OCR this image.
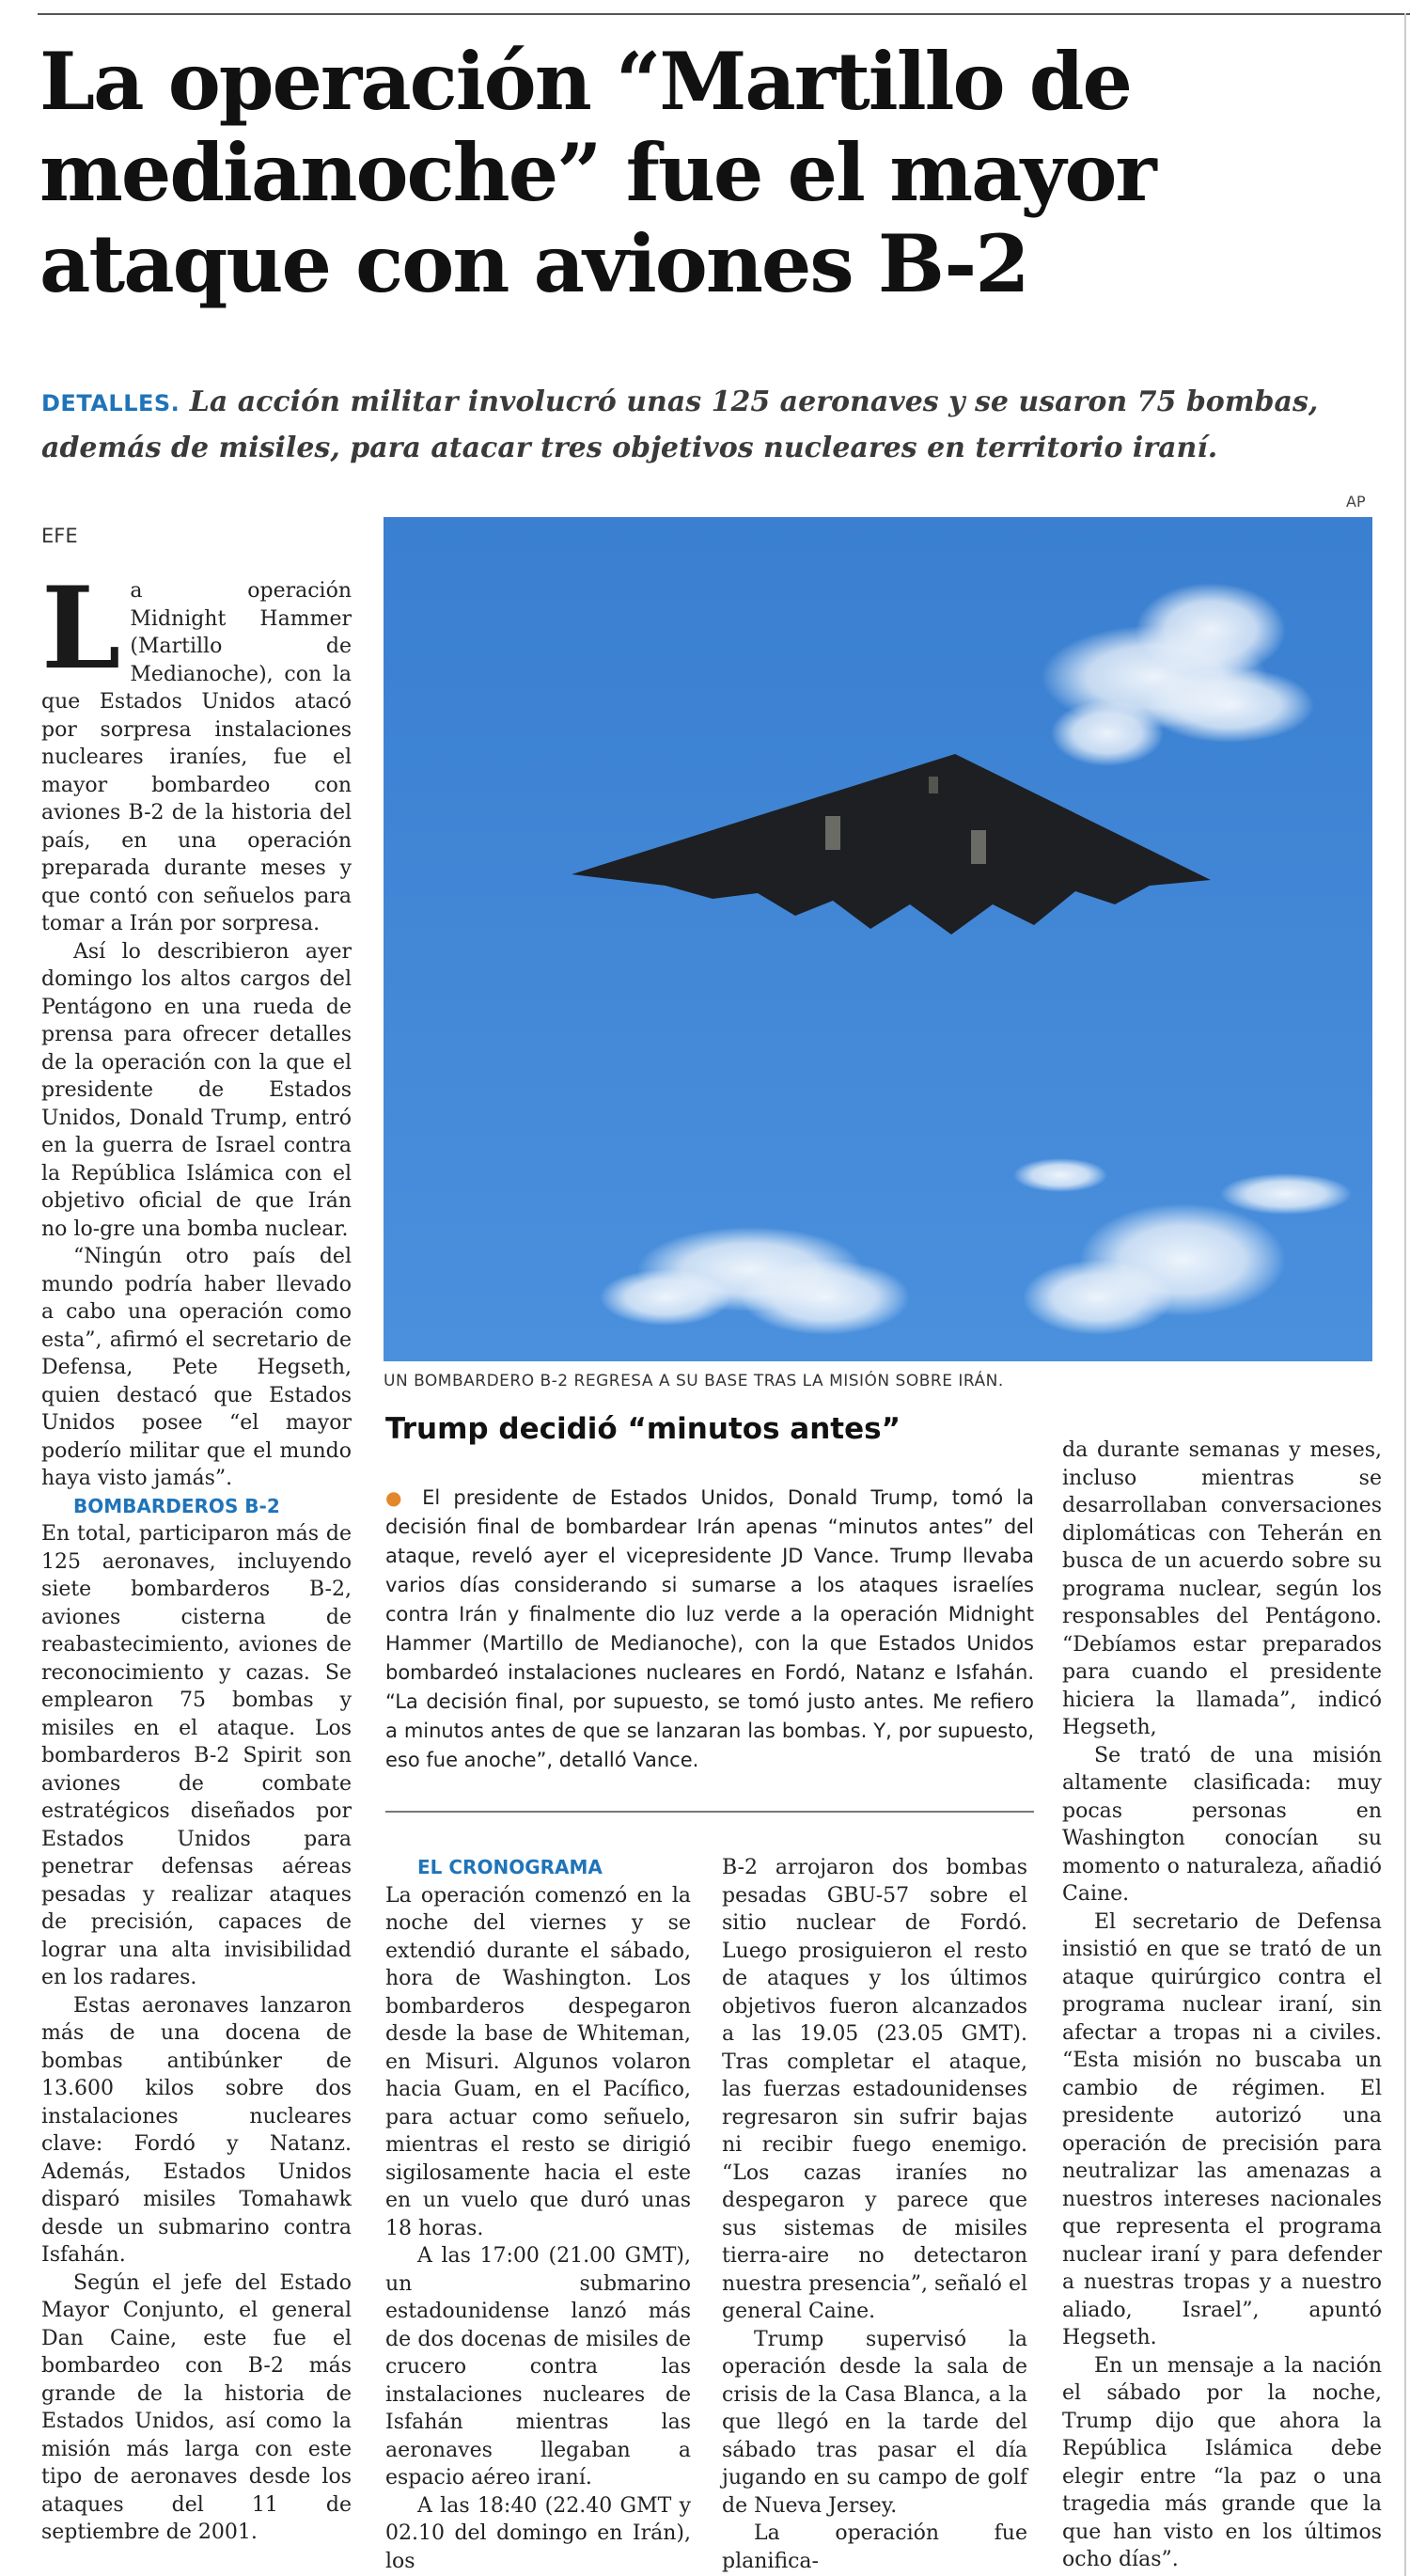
La operación “Martillo de medianoche” fue el mayor ataque con aviones B-2
DETALLES. La acción militar involucró unas 125 aeronaves y se usaron 75 bombas, además de misiles, para atacar tres objetivos nucleares en territorio iraní.
EFE
AP
UN BOMBARDERO B-2 REGRESA A SU BASE TRAS LA MISIÓN SOBRE IRÁN.

La operación Midnight Hammer (Martillo de Medianoche), con la que Estados Unidos atacó por sorpresa instalaciones nucleares iraníes, fue el mayor bombardeo con aviones B-2 de la historia del país, en una operación preparada durante meses y que contó con señuelos para tomar a Irán por sorpresa.

Así lo describieron ayer domingo los altos cargos del Pentágono en una rueda de prensa para ofrecer detalles de la operación con la que el presidente de Estados Unidos, Donald Trump, entró en la guerra de Israel contra la República Islámica con el objetivo oficial de que Irán no lo-gre una bomba nuclear.

“Ningún otro país del mundo podría haber llevado a cabo una operación como esta”, afirmó el secretario de Defensa, Pete Hegseth, quien destacó que Estados Unidos posee “el mayor poderío militar que el mundo haya visto jamás”.

BOMBARDEROS B-2

En total, participaron más de 125 aeronaves, incluyendo siete bombarderos B-2, aviones cisterna de reabastecimiento, aviones de reconocimiento y cazas. Se emplearon 75 bombas y misiles en el ataque. Los bombarderos B-2 Spirit son aviones de combate estratégicos diseñados por Estados Unidos para penetrar defensas aéreas pesadas y realizar ataques de precisión, capaces de lograr una alta invisibilidad en los radares.

Estas aeronaves lanzaron más de una docena de bombas antibúnker de 13.600 kilos sobre dos instalaciones nucleares clave: Fordó y Natanz. Además, Estados Unidos disparó misiles Tomahawk desde un submarino contra Isfahán.

Según el jefe del Estado Mayor Conjunto, el general Dan Caine, este fue el bombardeo con B-2 más grande de la historia de Estados Unidos, así como la misión más larga con este tipo de aeronaves desde los ataques del 11 de septiembre de 2001.

Trump decidió “minutos antes”
● El presidente de Estados Unidos, Donald Trump, tomó la decisión final de bombardear Irán apenas “minutos antes” del ataque, reveló ayer el vicepresidente JD Vance. Trump llevaba varios días considerando si sumarse a los ataques israelíes contra Irán y finalmente dio luz verde a la operación Midnight Hammer (Martillo de Medianoche), con la que Estados Unidos bombardeó instalaciones nucleares en Fordó, Natanz e Isfahán. “La decisión final, por supuesto, se tomó justo antes. Me refiero a minutos antes de que se lanzaran las bombas. Y, por supuesto, eso fue anoche”, detalló Vance.

EL CRONOGRAMA

La operación comenzó en la noche del viernes y se extendió durante el sábado, hora de Washington. Los bombarderos despegaron desde la base de Whiteman, en Misuri. Algunos volaron hacia Guam, en el Pacífico, para actuar como señuelo, mientras el resto se dirigió sigilosamente hacia el este en un vuelo que duró unas 18 horas.

A las 17:00 (21.00 GMT), un submarino estadounidense lanzó más de dos docenas de misiles de crucero contra las instalaciones nucleares de Isfahán mientras las aeronaves llegaban a espacio aéreo iraní.

A las 18:40 (22.40 GMT y 02.10 del domingo en Irán), los

B-2 arrojaron dos bombas pesadas GBU-57 sobre el sitio nuclear de Fordó. Luego prosiguieron el resto de ataques y los últimos objetivos fueron alcanzados a las 19.05 (23.05 GMT). Tras completar el ataque, las fuerzas estadounidenses regresaron sin sufrir bajas ni recibir fuego enemigo. “Los cazas iraníes no despegaron y parece que sus sistemas de misiles tierra-aire no detectaron nuestra presencia”, señaló el general Caine.

Trump supervisó la operación desde la sala de crisis de la Casa Blanca, a la que llegó en la tarde del sábado tras pasar el día jugando en su campo de golf de Nueva Jersey.

La operación fue planifica-

da durante semanas y meses, incluso mientras se desarrollaban conversaciones diplomáticas con Teherán en busca de un acuerdo sobre su programa nuclear, según los responsables del Pentágono. “Debíamos estar preparados para cuando el presidente hiciera la llamada”, indicó Hegseth,

Se trató de una misión altamente clasificada: muy pocas personas en Washington conocían su momento o naturaleza, añadió Caine.

El secretario de Defensa insistió en que se trató de un ataque quirúrgico contra el programa nuclear iraní, sin afectar a tropas ni a civiles. “Esta misión no buscaba un cambio de régimen. El presidente autorizó una operación de precisión para neutralizar las amenazas a nuestros intereses nacionales que representa el programa nuclear iraní y para defender a nuestras tropas y a nuestro aliado, Israel”, apuntó Hegseth.

En un mensaje a la nación el sábado por la noche, Trump dijo que ahora la República Islámica debe elegir entre “la paz o una tragedia más grande que la que han visto en los últimos ocho días”.
